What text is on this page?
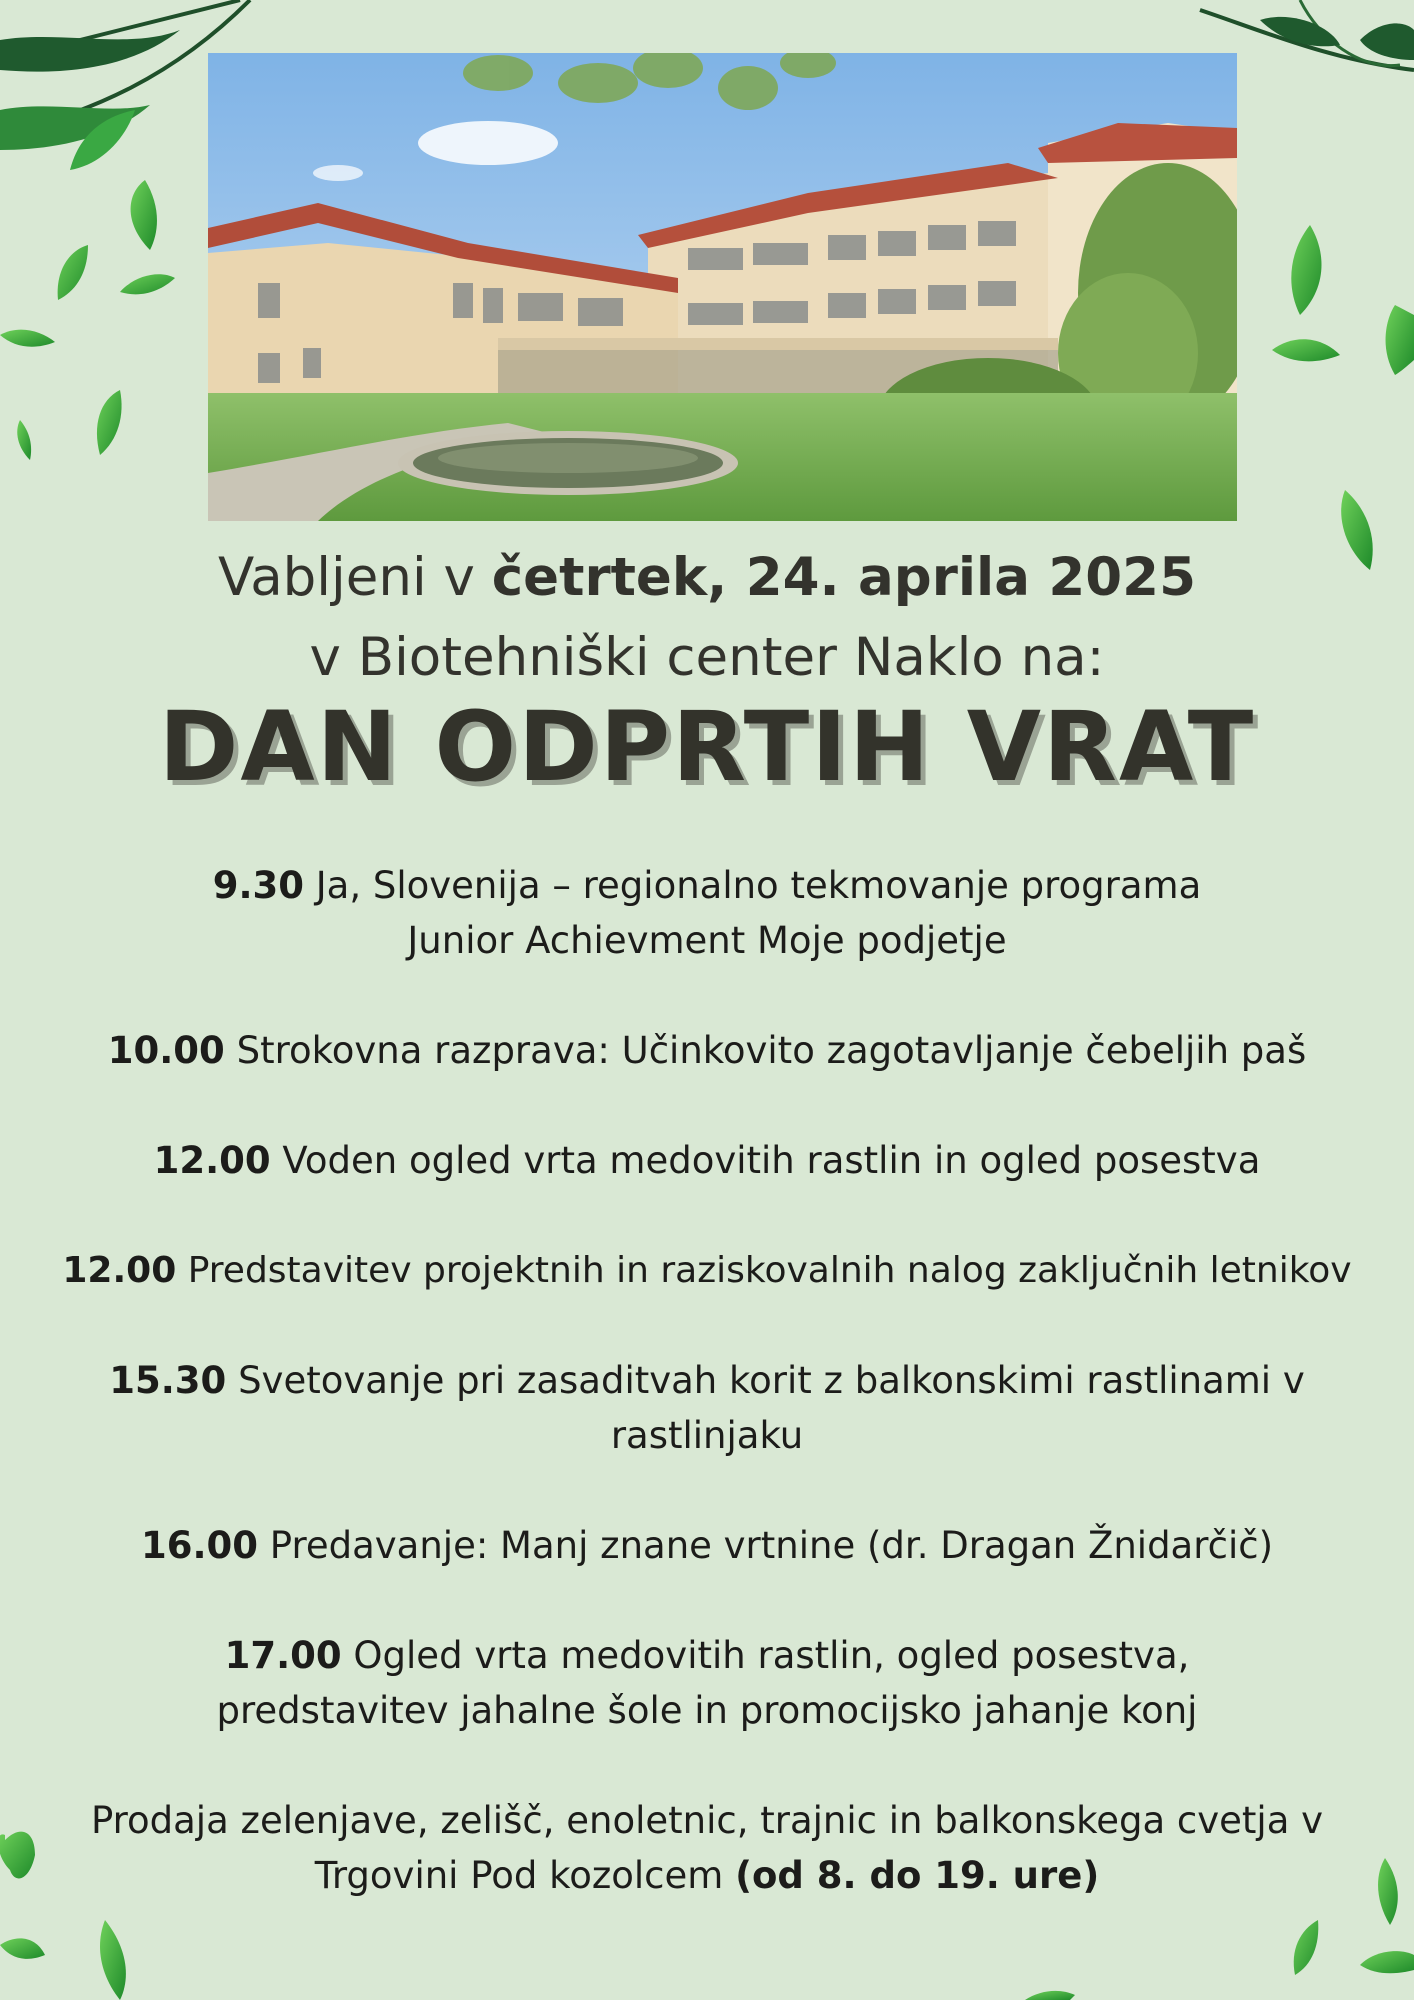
Vabljeni v četrtek, 24. aprila 2025
v Biotehniški center Naklo na:
DAN ODPRTIH VRAT
9.30 Ja, Slovenija – regionalno tekmovanje programa
Junior Achievment Moje podjetje
10.00 Strokovna razprava: Učinkovito zagotavljanje čebeljih paš
12.00 Voden ogled vrta medovitih rastlin in ogled posestva
12.00 Predstavitev projektnih in raziskovalnih nalog zaključnih letnikov
15.30 Svetovanje pri zasaditvah korit z balkonskimi rastlinami v
rastlinjaku
16.00 Predavanje: Manj znane vrtnine (dr. Dragan Žnidarčič)
17.00 Ogled vrta medovitih rastlin, ogled posestva,
predstavitev jahalne šole in promocijsko jahanje konj
Prodaja zelenjave, zelišč, enoletnic, trajnic in balkonskega cvetja v
Trgovini Pod kozolcem (od 8. do 19. ure)
